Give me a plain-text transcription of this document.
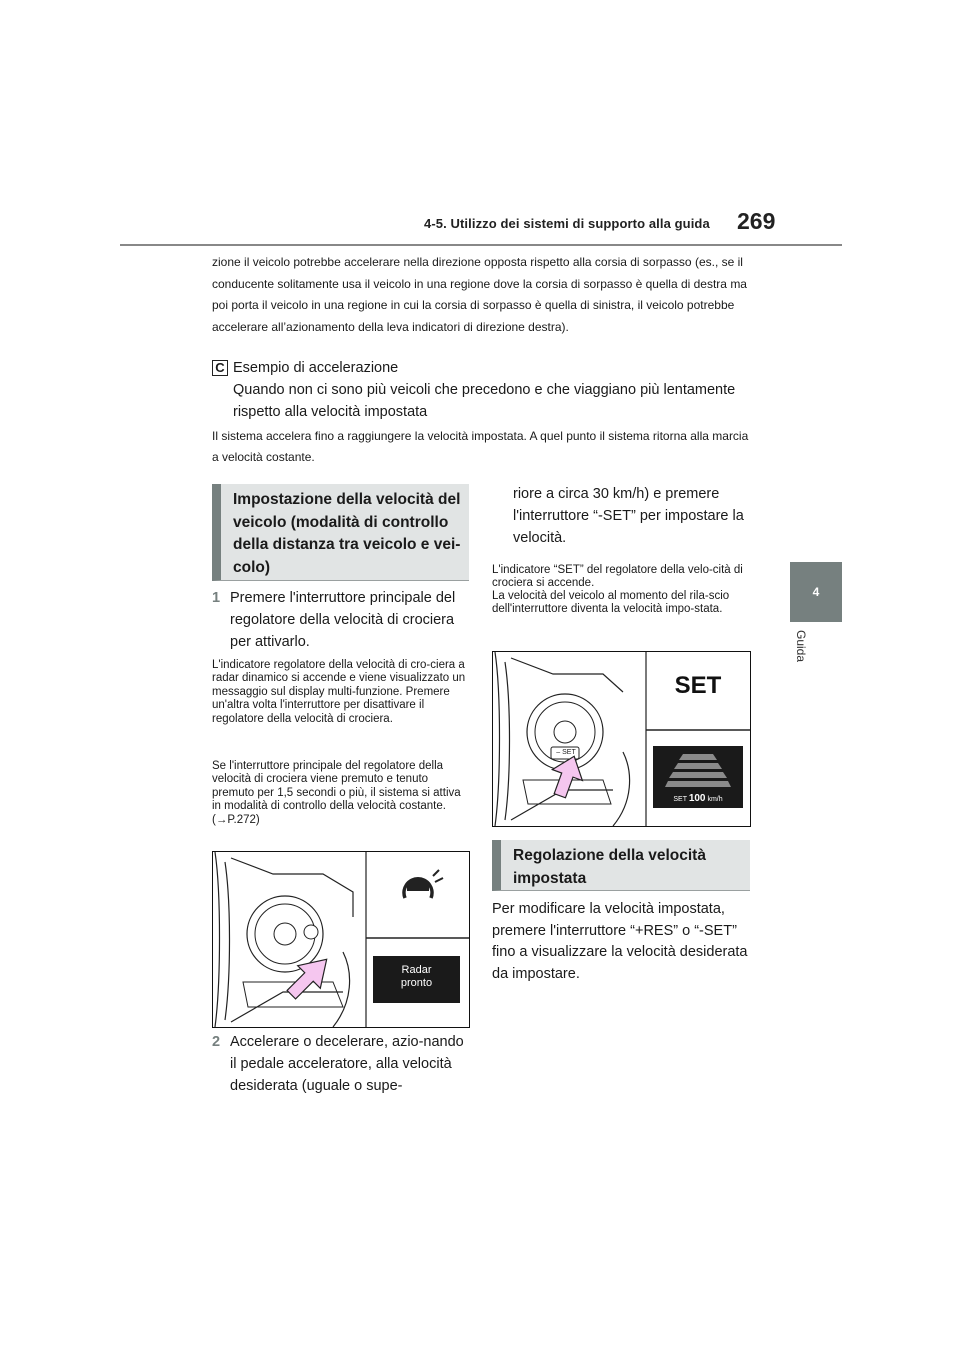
4-5. Utilizzo dei sistemi di supporto alla guida 269
4
Guida
zione il veicolo potrebbe accelerare nella direzione opposta rispetto alla corsia di sorpasso (es., se il conducente solitamente usa il veicolo in una regione dove la corsia di sorpasso è quella di destra ma poi porta il veicolo in una regione in cui la corsia di sorpasso è quella di sinistra, il veicolo potrebbe accelerare all’azionamento della leva indicatori di direzione destra).
C Esempio di accelerazione
Quando non ci sono più veicoli che precedono e che viaggiano più lentamente rispetto alla velocità impostata
Il sistema accelera fino a raggiungere la velocità impostata. A quel punto il sistema ritorna alla marcia a velocità costante.
Impostazione della velocità del veicolo (modalità di controllo della distanza tra veicolo e vei-colo)
1 Premere l'interruttore principale del regolatore della velocità di crociera per attivarlo.
L'indicatore regolatore della velocità di cro-ciera a radar dinamico si accende e viene visualizzato un messaggio sul display multi-funzione. Premere un'altra volta l'interruttore per disattivare il regolatore della velocità di crociera.
Se l'interruttore principale del regolatore della velocità di crociera viene premuto e tenuto premuto per 1,5 secondi o più, il sistema si attiva in modalità di controllo della velocità costante. (→P.272)
Radar
pronto
2 Accelerare o decelerare, azio-nando il pedale acceleratore, alla velocità desiderata (uguale o supe-
riore a circa 30 km/h) e premere l'interruttore “-SET” per impostare la velocità.
L'indicatore “SET” del regolatore della velo-cità di crociera si accende.
La velocità del veicolo al momento del rila-scio dell'interruttore diventa la velocità impo-stata.
– SET
SET
SET 100 km/h
Regolazione della velocità impostata
Per modificare la velocità impostata, premere l'interruttore “+RES” o “-SET” fino a visualizzare la velocità desiderata da impostare.
